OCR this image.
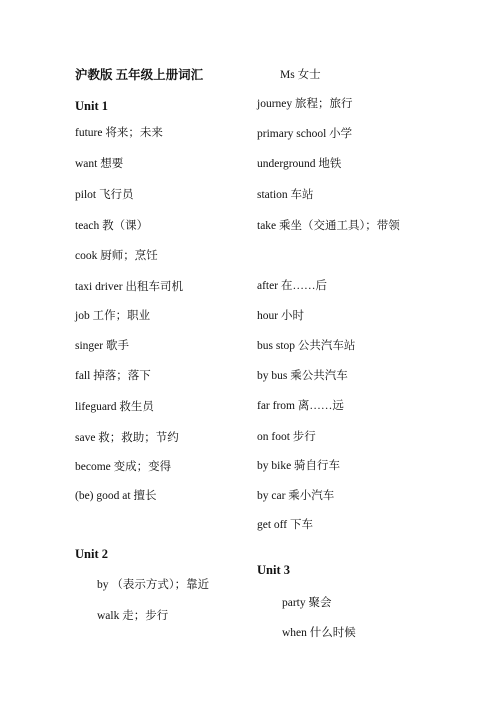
沪教版 五年级上册词汇
Unit 1
future 将来；未来
want 想要
pilot 飞行员
teach 教（课）
cook 厨师；烹饪
taxi driver 出租车司机
job 工作；职业
singer 歌手
fall 掉落；落下
lifeguard 救生员
save 救；救助；节约
become 变成；变得
(be) good at 擅长
Unit 2
by （表示方式）；靠近
walk 走；步行
Ms 女士
journey 旅程；旅行
primary school 小学
underground 地铁
station 车站
take 乘坐（交通工具）；带领
after 在……后
hour 小时
bus stop 公共汽车站
by bus 乘公共汽车
far from 离……远
on foot 步行
by bike 骑自行车
by car 乘小汽车
get off 下车
Unit 3
party 聚会
when 什么时候
